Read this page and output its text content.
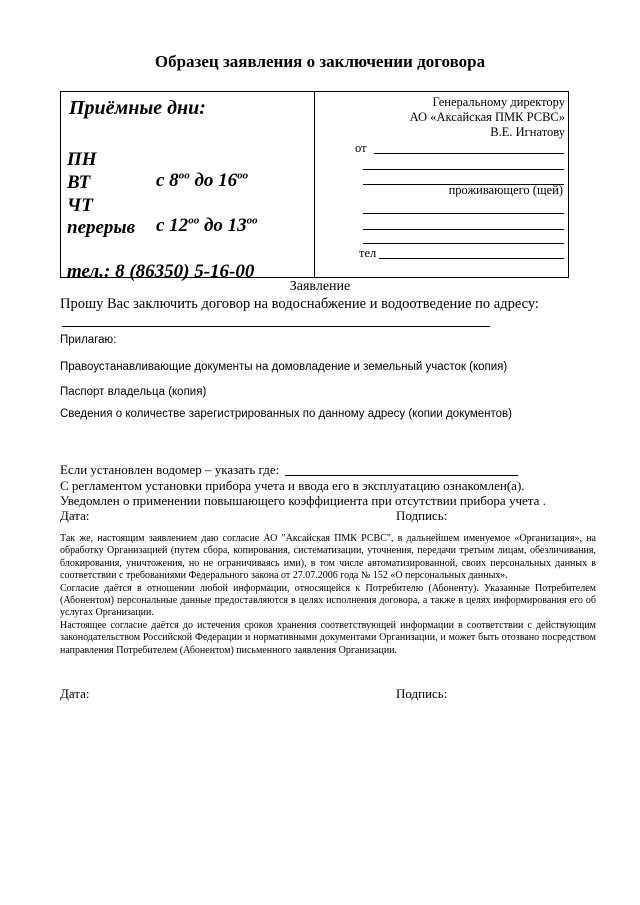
Образец заявления о заключении договора
Приёмные дни:
ПН
ВТ	с $8^{оо}$ до $16^{оо}$
ЧТ
перерыв с $12^{оо}$ до $13^{оо}$
тел.: 8 (86350) 5-16-00
Генеральному директору
АО «Аксайская ПМК РСВС»
В.Е. Игнатову
от
проживающего (щей)
тел
Заявление
Прошу Вас заключить договор на водоснабжение и водоотведение по адресу:
Прилагаю:
Правоустанавливающие документы на домовладение и земельный участок (копия)
Паспорт владельца (копия)
Сведения о количестве зарегистрированных по данному адресу (копии документов)
Если установлен водомер – указать где:
С регламентом установки прибора учета и ввода его в эксплуатацию ознакомлен(а).
Уведомлен о применении повышающего коэффициента при отсутствии прибора учета .
Дата:	Подпись:

Так же, настоящим заявлением даю согласие АО "Аксайская ПМК РСВС", в дальнейшем именуемое «Организация», на обработку Организацией (путем сбора, копирования, систематизации, уточнения, передачи третьим лицам, обезличивания, блокирования, уничтожения, но не ограничиваясь ими), в том числе автоматизированной, своих персональных данных в соответствии с требованиями Федерального закона от 27.07.2006 года № 152 «О персональных данных».

Согласие даётся в отношении любой информации, относящейся к Потребителю (Абоненту). Указанные Потребителем (Абонентом) персональные данные предоставляются в целях исполнения договора, а также в целях информирования его об услугах Организации.

Настоящее согласие даётся до истечения сроков хранения соответствующей информации в соответствии с действующим законодательством Российской Федерации и нормативными документами Организации, и может быть отозвано посредством направления Потребителем (Абонентом) письменного заявления Организации.

Дата:	Подпись:
